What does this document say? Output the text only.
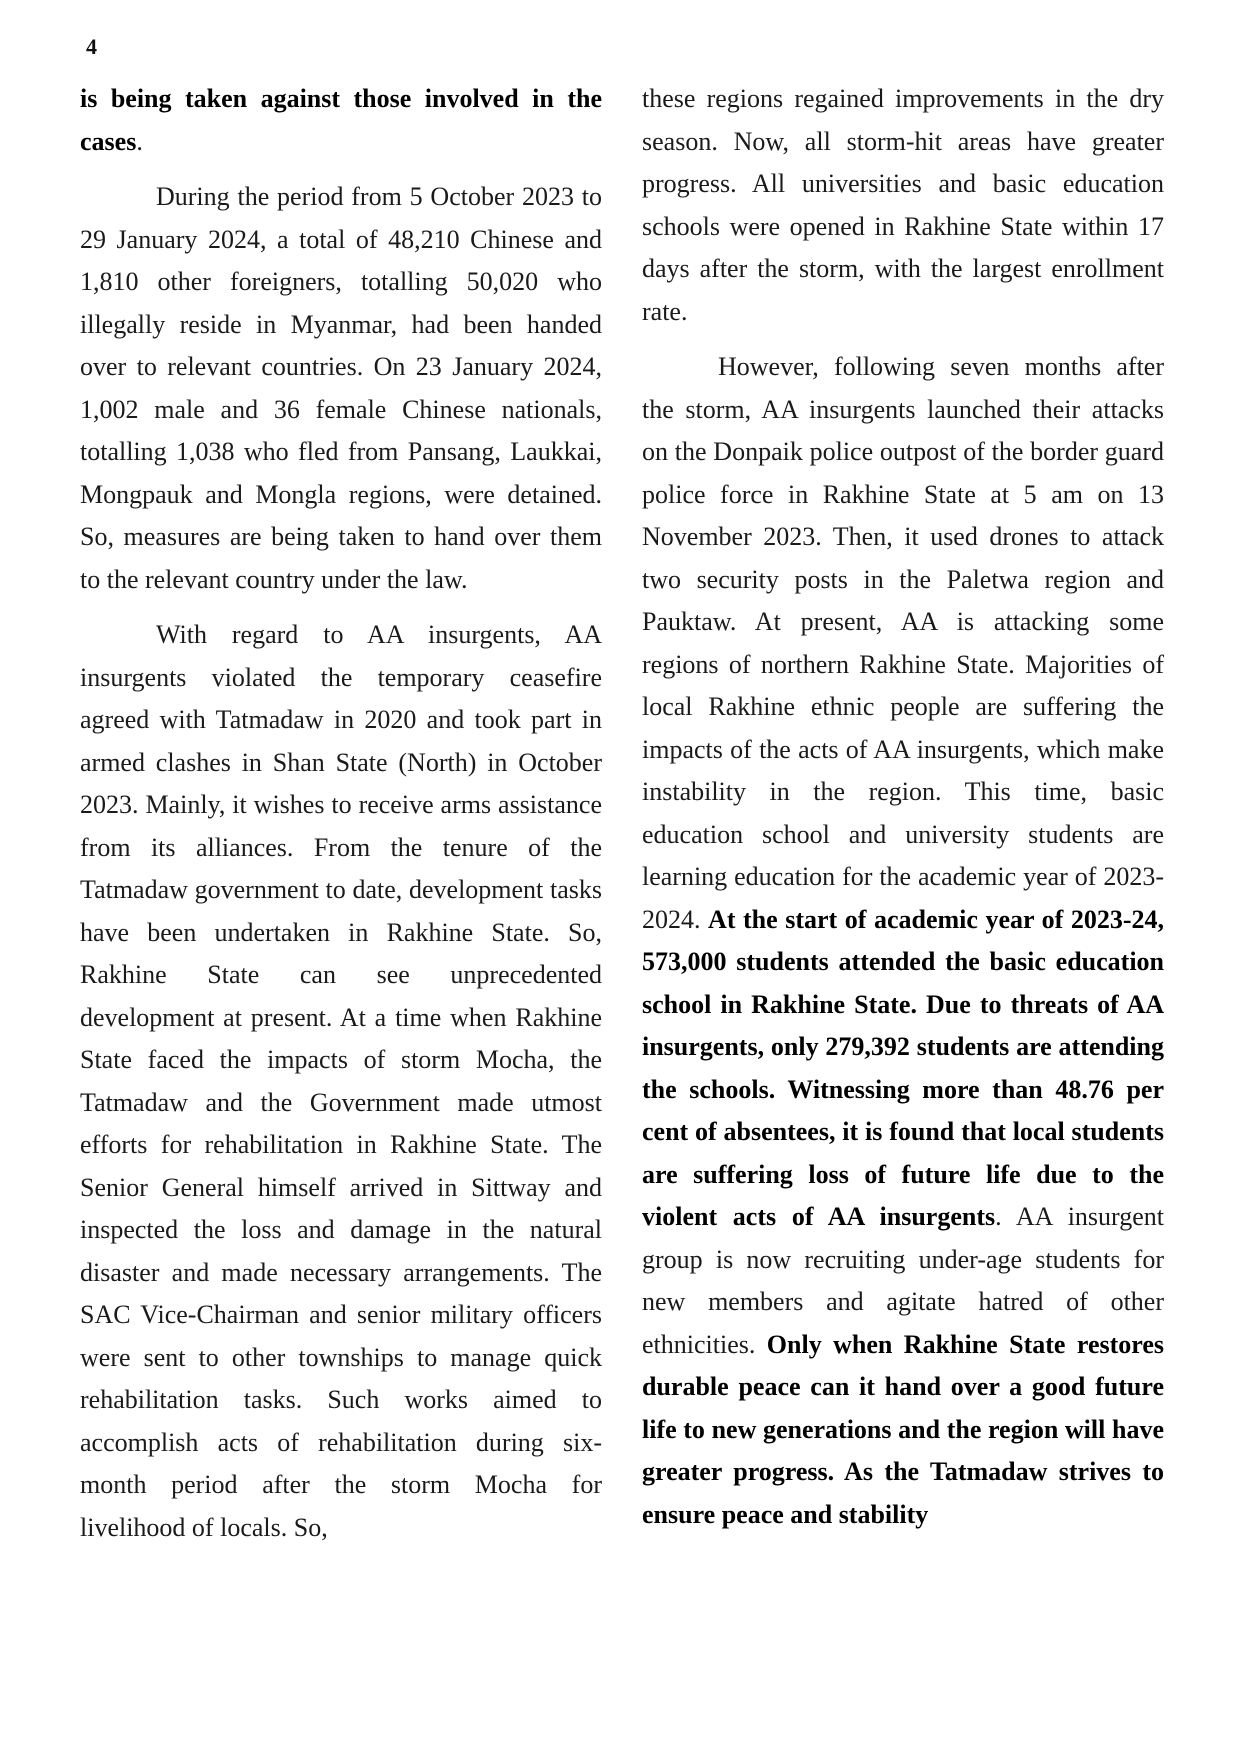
4

is being taken against those involved in the cases.

During the period from 5 October 2023 to 29 January 2024, a total of 48,210 Chinese and 1,810 other foreigners, totalling 50,020 who illegally reside in Myanmar, had been handed over to relevant countries. On 23 January 2024, 1,002 male and 36 female Chinese nationals, totalling 1,038 who fled from Pansang, Laukkai, Mongpauk and Mongla regions, were detained. So, measures are being taken to hand over them to the relevant country under the law.

With regard to AA insurgents, AA insurgents violated the temporary ceasefire agreed with Tatmadaw in 2020 and took part in armed clashes in Shan State (North) in October 2023. Mainly, it wishes to receive arms assistance from its alliances. From the tenure of the Tatmadaw government to date, development tasks have been undertaken in Rakhine State. So, Rakhine State can see unprecedented development at present. At a time when Rakhine State faced the impacts of storm Mocha, the Tatmadaw and the Government made utmost efforts for rehabilitation in Rakhine State. The Senior General himself arrived in Sittway and inspected the loss and damage in the natural disaster and made necessary arrangements. The SAC Vice-Chairman and senior military officers were sent to other townships to manage quick rehabilitation tasks. Such works aimed to accomplish acts of rehabilitation during six-month period after the storm Mocha for livelihood of locals. So,

these regions regained improvements in the dry season. Now, all storm-hit areas have greater progress. All universities and basic education schools were opened in Rakhine State within 17 days after the storm, with the largest enrollment rate.

However, following seven months after the storm, AA insurgents launched their attacks on the Donpaik police outpost of the border guard police force in Rakhine State at 5 am on 13 November 2023. Then, it used drones to attack two security posts in the Paletwa region and Pauktaw. At present, AA is attacking some regions of northern Rakhine State. Majorities of local Rakhine ethnic people are suffering the impacts of the acts of AA insurgents, which make instability in the region. This time, basic education school and university students are learning education for the academic year of 2023-2024. At the start of academic year of 2023-24, 573,000 students attended the basic education school in Rakhine State. Due to threats of AA insurgents, only 279,392 students are attending the schools. Witnessing more than 48.76 per cent of absentees, it is found that local students are suffering loss of future life due to the violent acts of AA insurgents. AA insurgent group is now recruiting under-age students for new members and agitate hatred of other ethnicities. Only when Rakhine State restores durable peace can it hand over a good future life to new generations and the region will have greater progress. As the Tatmadaw strives to ensure peace and stability
